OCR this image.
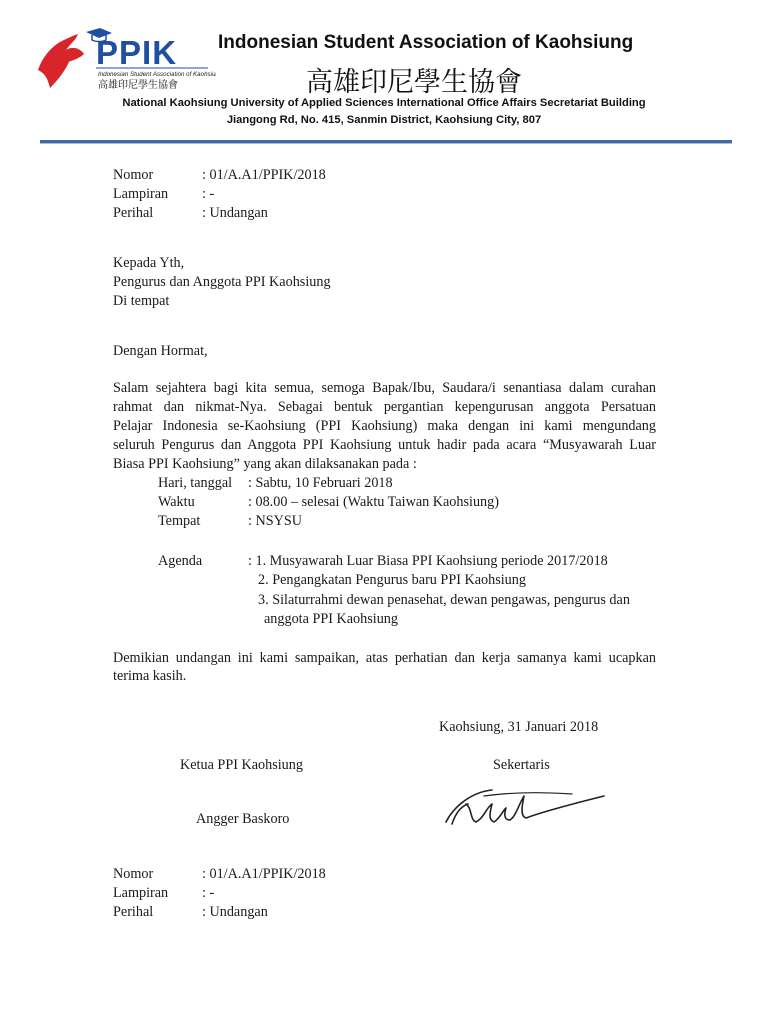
PPIK
Indonesian Student Association of Kaohsiung
高雄印尼學生協會
Indonesian Student Association of Kaohsiung
高雄印尼學生協會
National Kaohsiung University of Applied Sciences International Office Affairs Secretariat Building
Jiangong Rd, No. 415, Sanmin District, Kaohsiung City, 807
Nomor	: 01/A.A1/PPIK/2018
Lampiran : -
Perihal	: Undangan
Kepada Yth,
Pengurus dan Anggota PPI Kaohsiung
Di tempat
Dengan Hormat,
Salam sejahtera bagi kita semua, semoga Bapak/Ibu, Saudara/i senantiasa dalam curahan
rahmat dan nikmat-Nya. Sebagai bentuk pergantian kepengurusan anggota Persatuan
Pelajar Indonesia se-Kaohsiung (PPI Kaohsiung) maka dengan ini kami mengundang
seluruh Pengurus dan Anggota PPI Kaohsiung untuk hadir pada acara “Musyawarah Luar
Biasa PPI Kaohsiung” yang akan dilaksanakan pada :
Hari, tanggal : Sabtu, 10 Februari 2018
Waktu	: 08.00 – selesai (Waktu Taiwan Kaohsiung)
Tempat	: NSYSU
Agenda	: 1. Musyawarah Luar Biasa PPI Kaohsiung periode 2017/2018
2. Pengangkatan Pengurus baru PPI Kaohsiung
3. Silaturrahmi dewan penasehat, dewan pengawas, pengurus dan
anggota PPI Kaohsiung
Demikian undangan ini kami sampaikan, atas perhatian dan kerja samanya kami ucapkan
terima kasih.
Kaohsiung, 31 Januari 2018
Ketua PPI Kaohsiung	Sekertaris
Angger Baskoro
Nomor	: 01/A.A1/PPIK/2018
Lampiran : -
Perihal	: Undangan
